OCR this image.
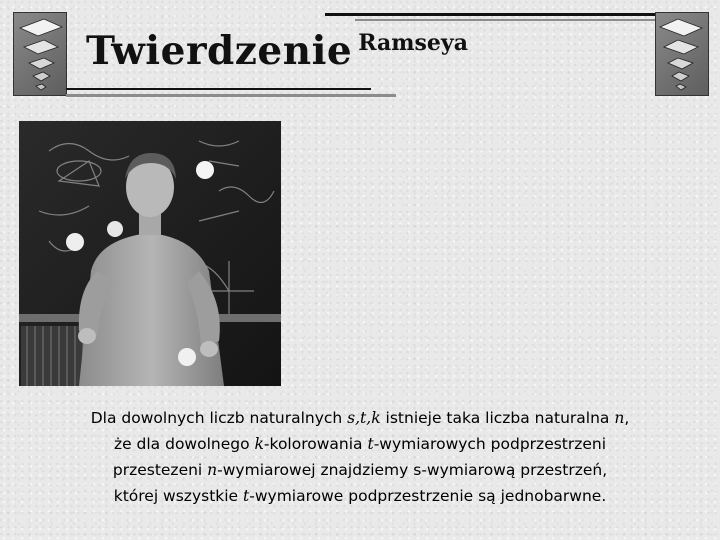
Twierdzenie Ramseya
Dla dowolnych liczb naturalnych s,t,k istnieje taka liczba naturalna n,
że dla dowolnego k-kolorowania t-wymiarowych podprzestrzeni
przestezeni n-wymiarowej znajdziemy s-wymiarową przestrzeń,
której wszystkie t-wymiarowe podprzestrzenie są jednobarwne.
